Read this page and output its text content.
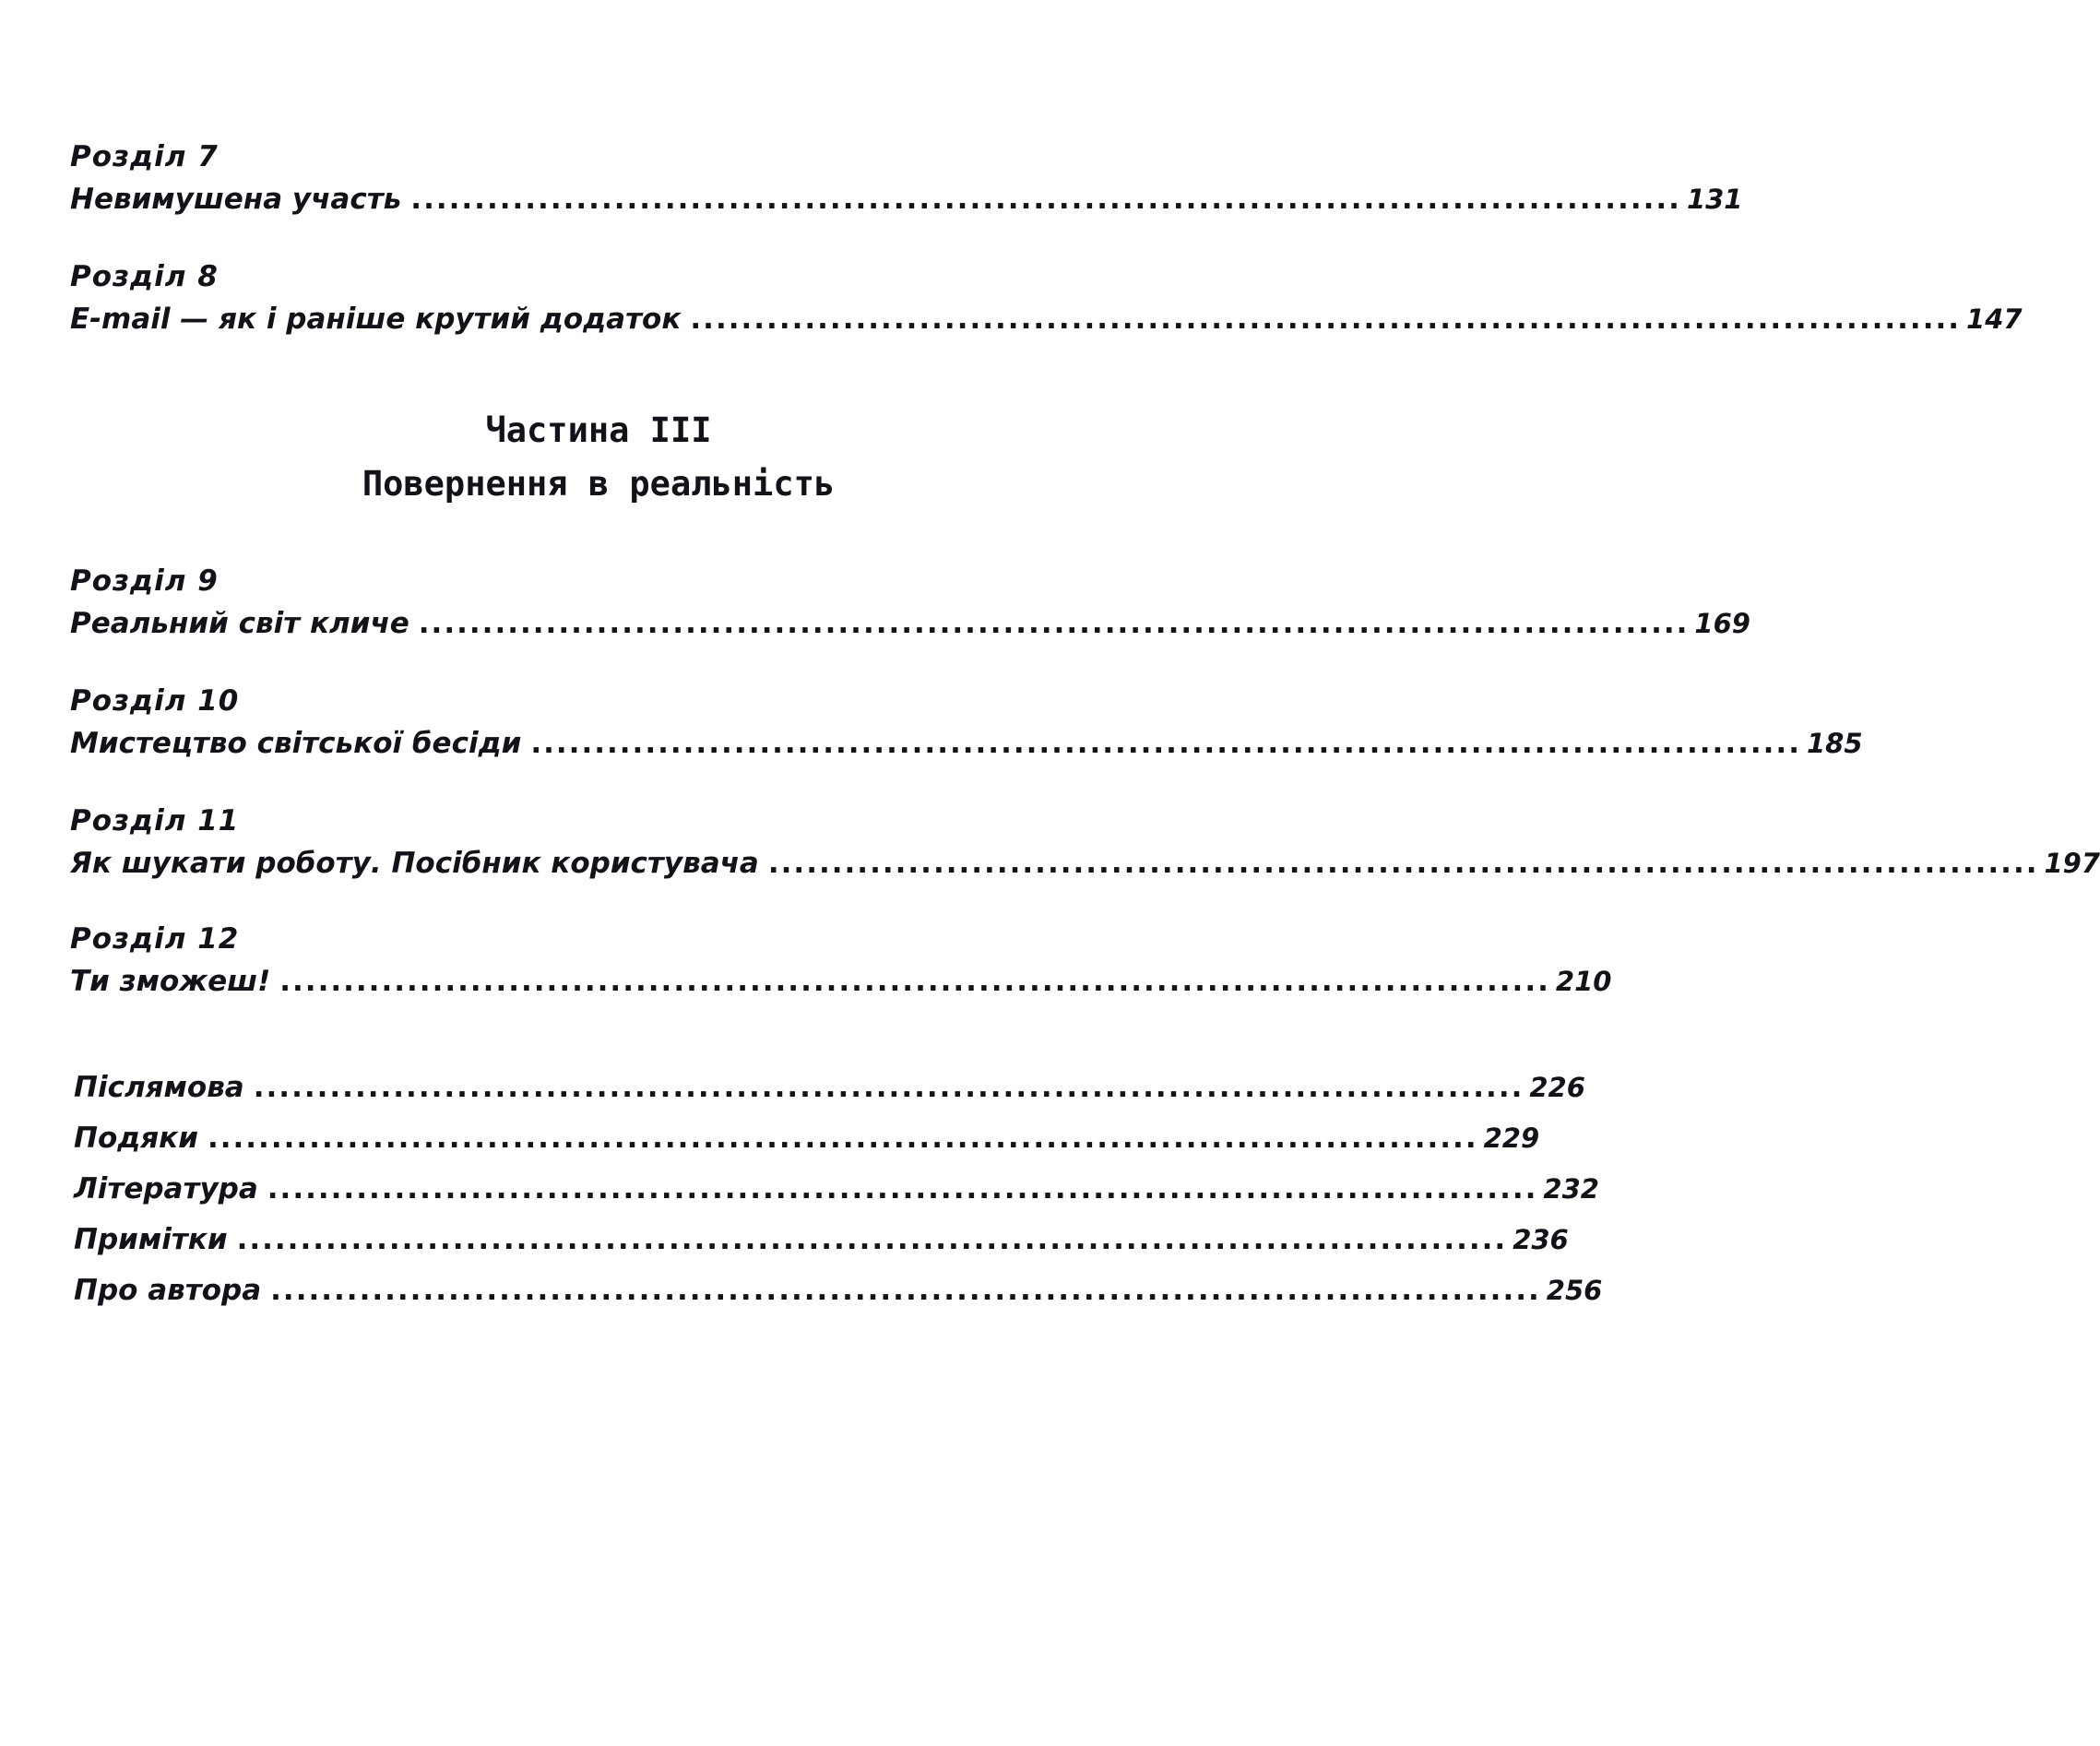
Розділ 7
Невимушена участь .................................................................................................... 131
Розділ 8
E-mail — як і раніше крутий додаток .................................................................................................... 147
Частина III
Повернення в реальність
Розділ 9
Реальний світ кличе .................................................................................................... 169
Розділ 10
Мистецтво світської бесіди .................................................................................................... 185
Розділ 11
Як шукати роботу. Посібник користувача .................................................................................................... 197
Розділ 12
Ти зможеш! .................................................................................................... 210
Післямова .................................................................................................... 226
Подяки .................................................................................................... 229
Література .................................................................................................... 232
Примітки .................................................................................................... 236
Про автора .................................................................................................... 256
